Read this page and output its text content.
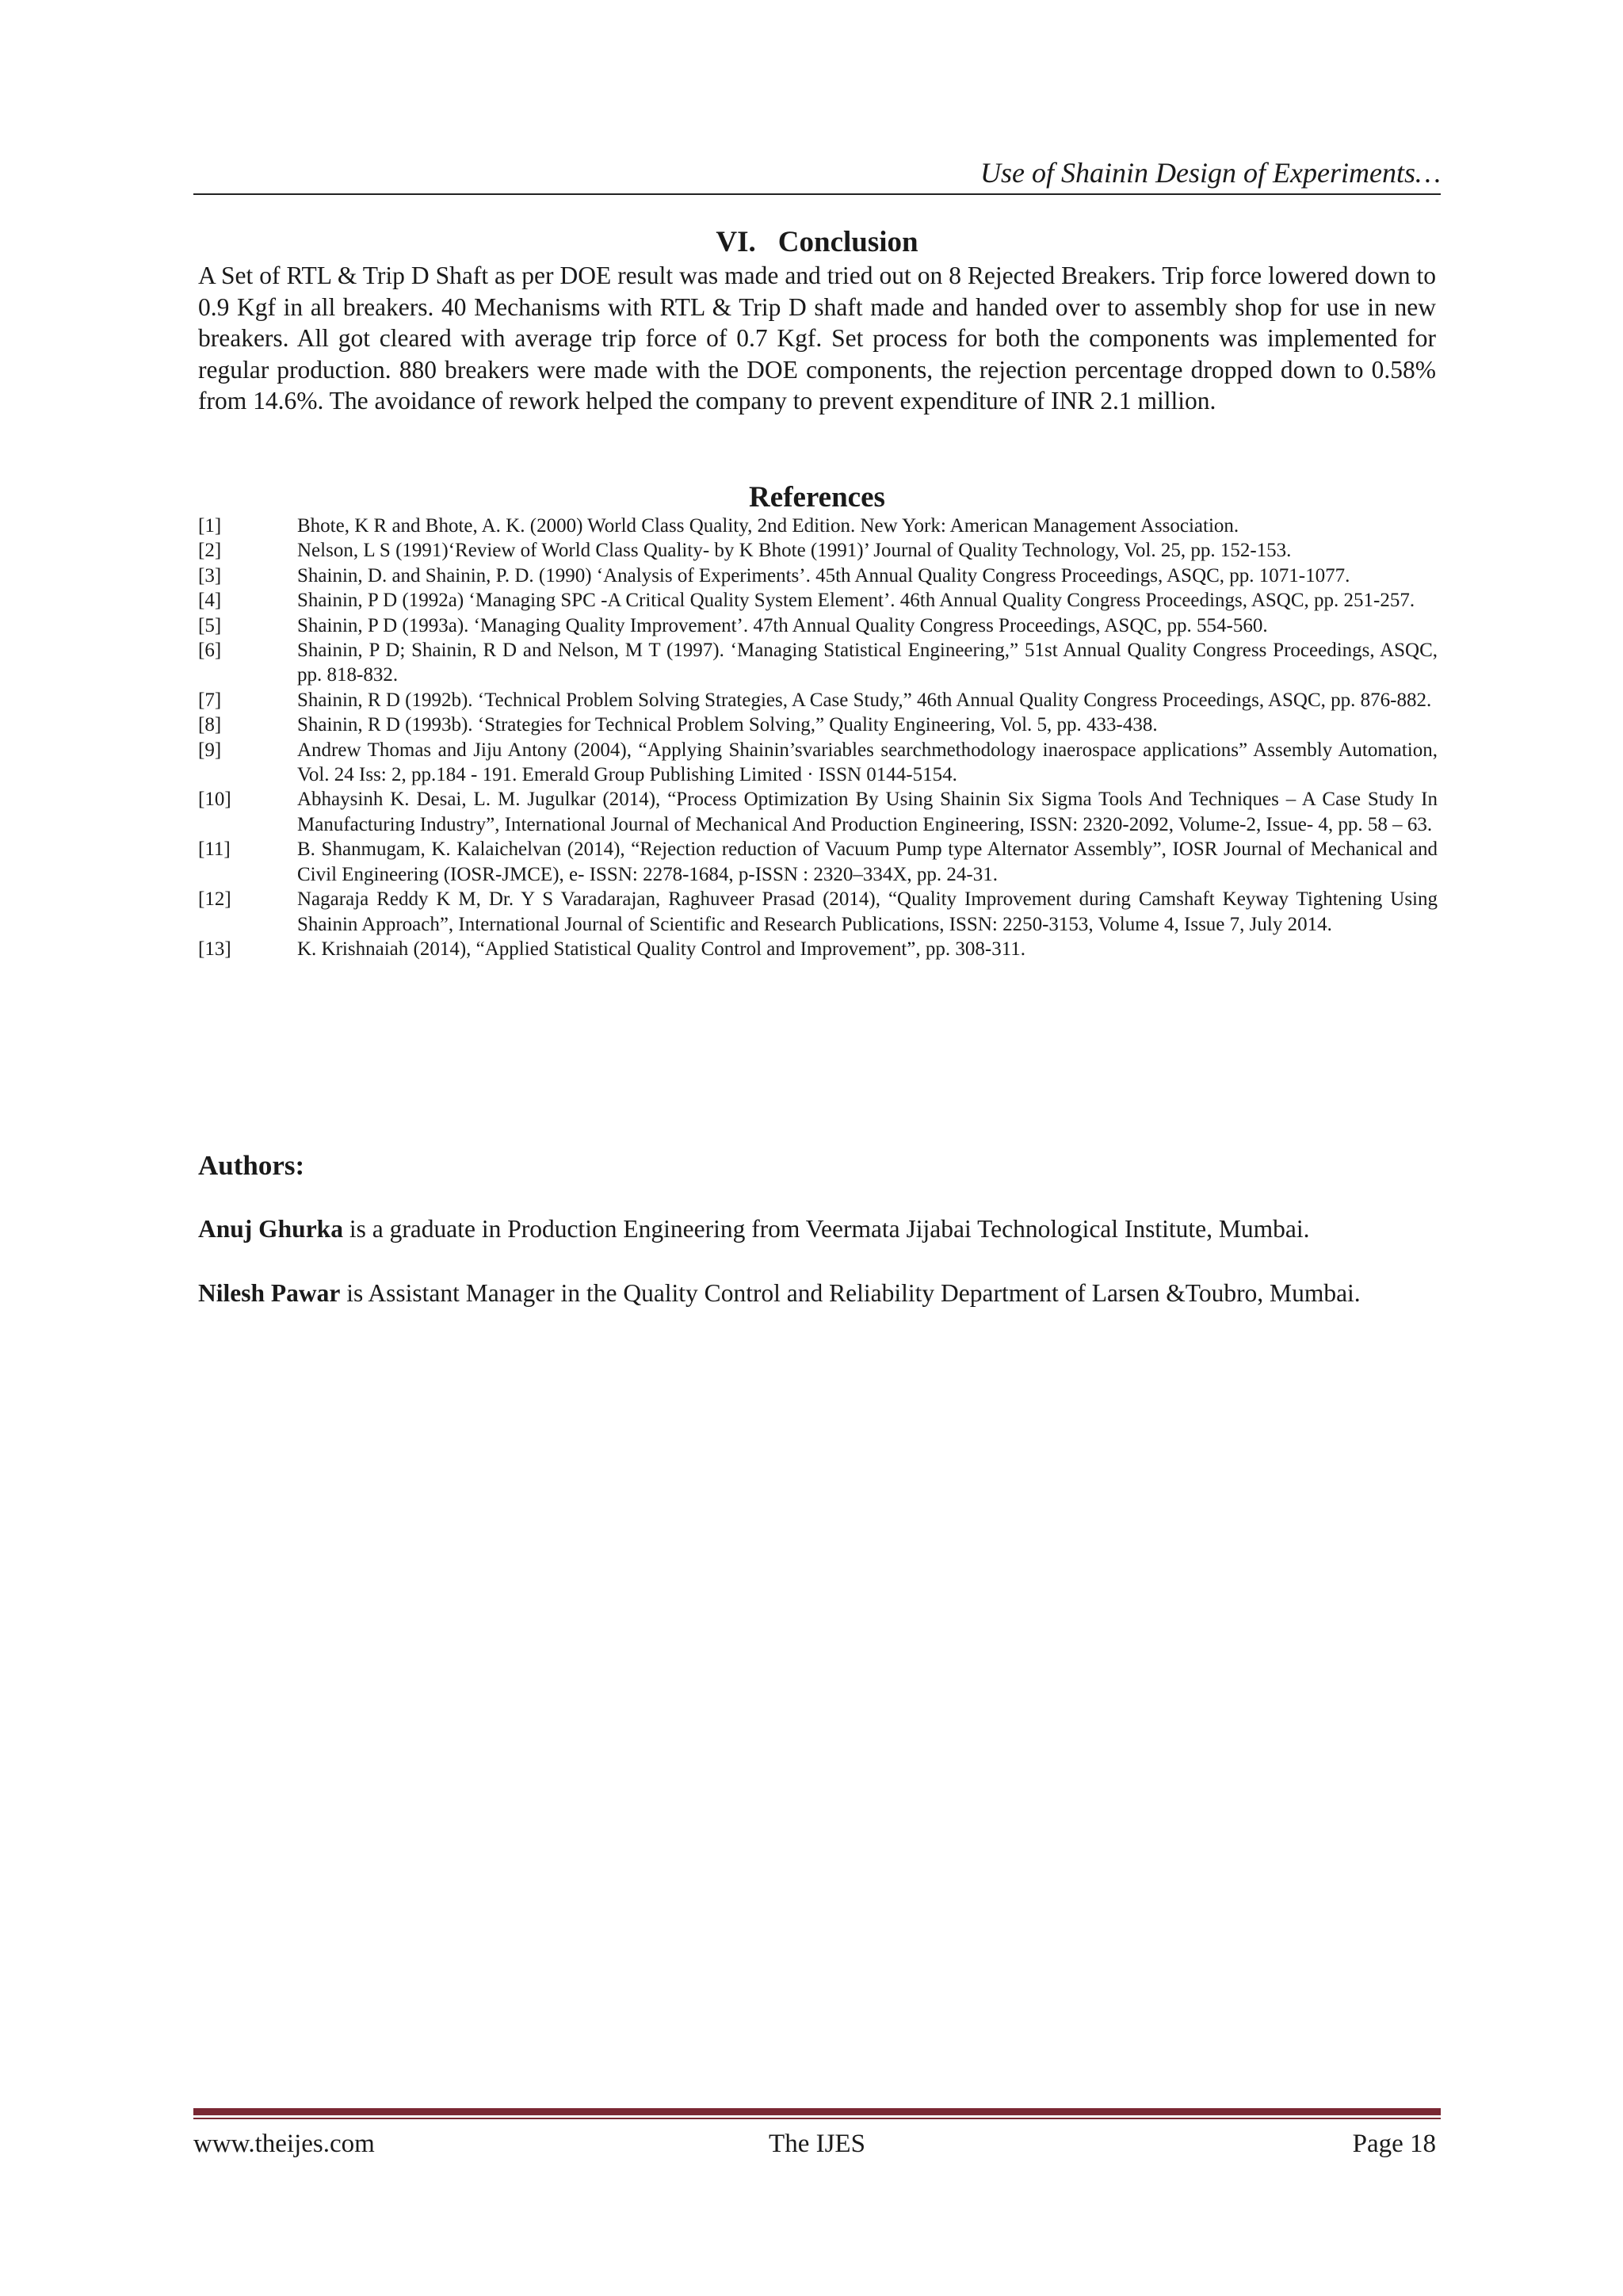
Use of Shainin Design of Experiments…
VI. Conclusion

A Set of RTL & Trip D Shaft as per DOE result was made and tried out on 8 Rejected Breakers. Trip force lowered down to 0.9 Kgf in all breakers. 40 Mechanisms with RTL & Trip D shaft made and handed over to assembly shop for use in new breakers. All got cleared with average trip force of 0.7 Kgf. Set process for both the components was implemented for regular production. 880 breakers were made with the DOE components, the rejection percentage dropped down to 0.58% from 14.6%. The avoidance of rework helped the company to prevent expenditure of INR 2.1 million.

References
[1]	Bhote, K R and Bhote, A. K. (2000) World Class Quality, 2nd Edition. New York: American Management Association.
[2]	Nelson, L S (1991)‘Review of World Class Quality- by K Bhote (1991)’ Journal of Quality Technology, Vol. 25, pp. 152-153.
[3]	Shainin, D. and Shainin, P. D. (1990) ‘Analysis of Experiments’. 45th Annual Quality Congress Proceedings, ASQC, pp. 1071-1077.
[4]	Shainin, P D (1992a) ‘Managing SPC -A Critical Quality System Element’. 46th Annual Quality Congress Proceedings, ASQC, pp. 251-257.
[5]	Shainin, P D (1993a). ‘Managing Quality Improvement’. 47th Annual Quality Congress Proceedings, ASQC, pp. 554-560.
[6]	Shainin, P D; Shainin, R D and Nelson, M T (1997). ‘Managing Statistical Engineering,” 51st Annual Quality Congress Proceedings, ASQC, pp. 818-832.
[7]	Shainin, R D (1992b). ‘Technical Problem Solving Strategies, A Case Study,” 46th Annual Quality Congress Proceedings, ASQC, pp. 876-882.
[8]	Shainin, R D (1993b). ‘Strategies for Technical Problem Solving,” Quality Engineering, Vol. 5, pp. 433-438.
[9]	Andrew Thomas and Jiju Antony (2004), “Applying Shainin’svariables searchmethodology inaerospace applications” Assembly Automation, Vol. 24 Iss: 2, pp.184 - 191. Emerald Group Publishing Limited · ISSN 0144-5154.
[10]	Abhaysinh K. Desai, L. M. Jugulkar (2014), “Process Optimization By Using Shainin Six Sigma Tools And Techniques – A Case Study In Manufacturing Industry”, International Journal of Mechanical And Production Engineering, ISSN: 2320-2092, Volume-2, Issue- 4, pp. 58 – 63.
[11]	B. Shanmugam, K. Kalaichelvan (2014), “Rejection reduction of Vacuum Pump type Alternator Assembly”, IOSR Journal of Mechanical and Civil Engineering (IOSR-JMCE), e- ISSN: 2278-1684, p-ISSN : 2320–334X, pp. 24-31.
[12]	Nagaraja Reddy K M, Dr. Y S Varadarajan, Raghuveer Prasad (2014), “Quality Improvement during Camshaft Keyway Tightening Using Shainin Approach”, International Journal of Scientific and Research Publications, ISSN: 2250-3153, Volume 4, Issue 7, July 2014.
[13]	K. Krishnaiah (2014), “Applied Statistical Quality Control and Improvement”, pp. 308-311.
Authors:

Anuj Ghurka is a graduate in Production Engineering from Veermata Jijabai Technological Institute, Mumbai.

Nilesh Pawar is Assistant Manager in the Quality Control and Reliability Department of Larsen &Toubro, Mumbai.

www.theijes.com	The IJES	Page 18
